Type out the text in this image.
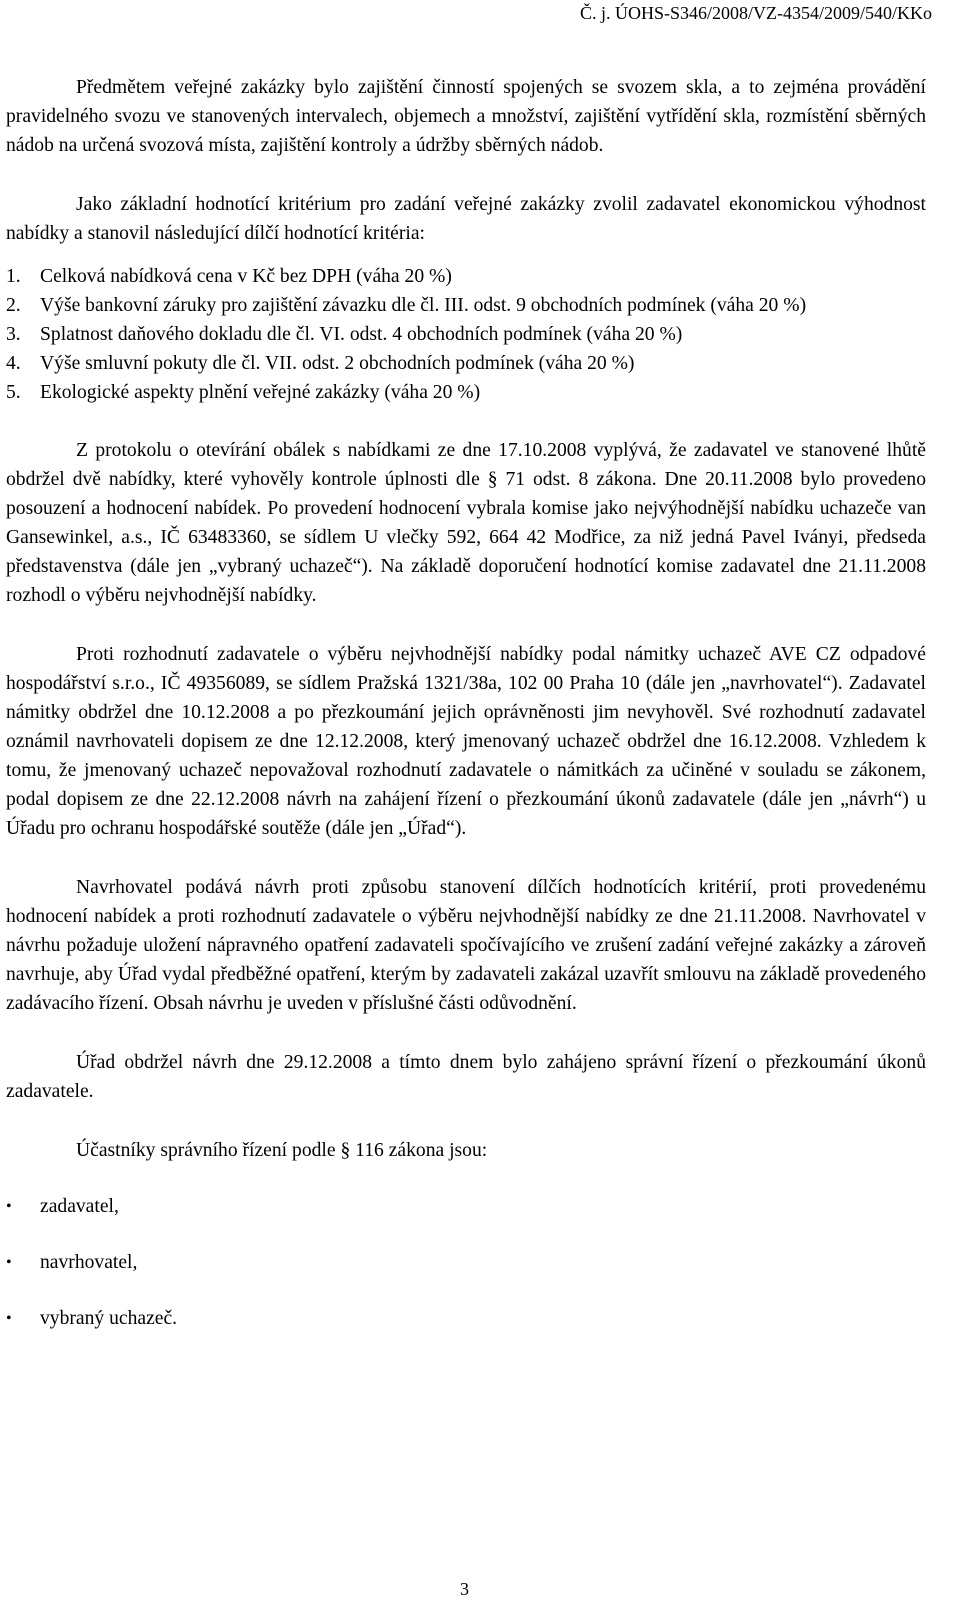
Č. j. ÚOHS-S346/2008/VZ-4354/2009/540/KKo

Předmětem veřejné zakázky bylo zajištění činností spojených se svozem skla, a to zejména provádění pravidelného svozu ve stanovených intervalech, objemech a množství, zajištění vytřídění skla, rozmístění sběrných nádob na určená svozová místa, zajištění kontroly a údržby sběrných nádob.

Jako základní hodnotící kritérium pro zadání veřejné zakázky zvolil zadavatel ekonomickou výhodnost nabídky a stanovil následující dílčí hodnotící kritéria:

1. Celková nabídková cena v Kč bez DPH (váha 20 %)
2. Výše bankovní záruky pro zajištění závazku dle čl. III. odst. 9 obchodních podmínek (váha 20 %)
3. Splatnost daňového dokladu dle čl. VI. odst. 4 obchodních podmínek (váha 20 %)
4. Výše smluvní pokuty dle čl. VII. odst. 2 obchodních podmínek (váha 20 %)
5. Ekologické aspekty plnění veřejné zakázky (váha 20 %)

Z protokolu o otevírání obálek s nabídkami ze dne 17.10.2008 vyplývá, že zadavatel ve stanovené lhůtě obdržel dvě nabídky, které vyhověly kontrole úplnosti dle § 71 odst. 8 zákona. Dne 20.11.2008 bylo provedeno posouzení a hodnocení nabídek. Po provedení hodnocení vybrala komise jako nejvýhodnější nabídku uchazeče van Gansewinkel, a.s., IČ 63483360, se sídlem U vlečky 592, 664 42 Modřice, za niž jedná Pavel Iványi, předseda představenstva (dále jen „vybraný uchazeč“). Na základě doporučení hodnotící komise zadavatel dne 21.11.2008 rozhodl o výběru nejvhodnější nabídky.

Proti rozhodnutí zadavatele o výběru nejvhodnější nabídky podal námitky uchazeč AVE CZ odpadové hospodářství s.r.o., IČ 49356089, se sídlem Pražská 1321/38a, 102 00 Praha 10 (dále jen „navrhovatel“). Zadavatel námitky obdržel dne 10.12.2008 a po přezkoumání jejich oprávněnosti jim nevyhověl. Své rozhodnutí zadavatel oznámil navrhovateli dopisem ze dne 12.12.2008, který jmenovaný uchazeč obdržel dne 16.12.2008. Vzhledem k tomu, že jmenovaný uchazeč nepovažoval rozhodnutí zadavatele o námitkách za učiněné v souladu se zákonem, podal dopisem ze dne 22.12.2008 návrh na zahájení řízení o přezkoumání úkonů zadavatele (dále jen „návrh“) u Úřadu pro ochranu hospodářské soutěže (dále jen „Úřad“).

Navrhovatel podává návrh proti způsobu stanovení dílčích hodnotících kritérií, proti provedenému hodnocení nabídek a proti rozhodnutí zadavatele o výběru nejvhodnější nabídky ze dne 21.11.2008. Navrhovatel v návrhu požaduje uložení nápravného opatření zadavateli spočívajícího ve zrušení zadání veřejné zakázky a zároveň navrhuje, aby Úřad vydal předběžné opatření, kterým by zadavateli zakázal uzavřít smlouvu na základě provedeného zadávacího řízení. Obsah návrhu je uveden v příslušné části odůvodnění.

Úřad obdržel návrh dne 29.12.2008 a tímto dnem bylo zahájeno správní řízení o přezkoumání úkonů zadavatele.

Účastníky správního řízení podle § 116 zákona jsou:

•	zadavatel,
•	navrhovatel,
•	vybraný uchazeč.
3
